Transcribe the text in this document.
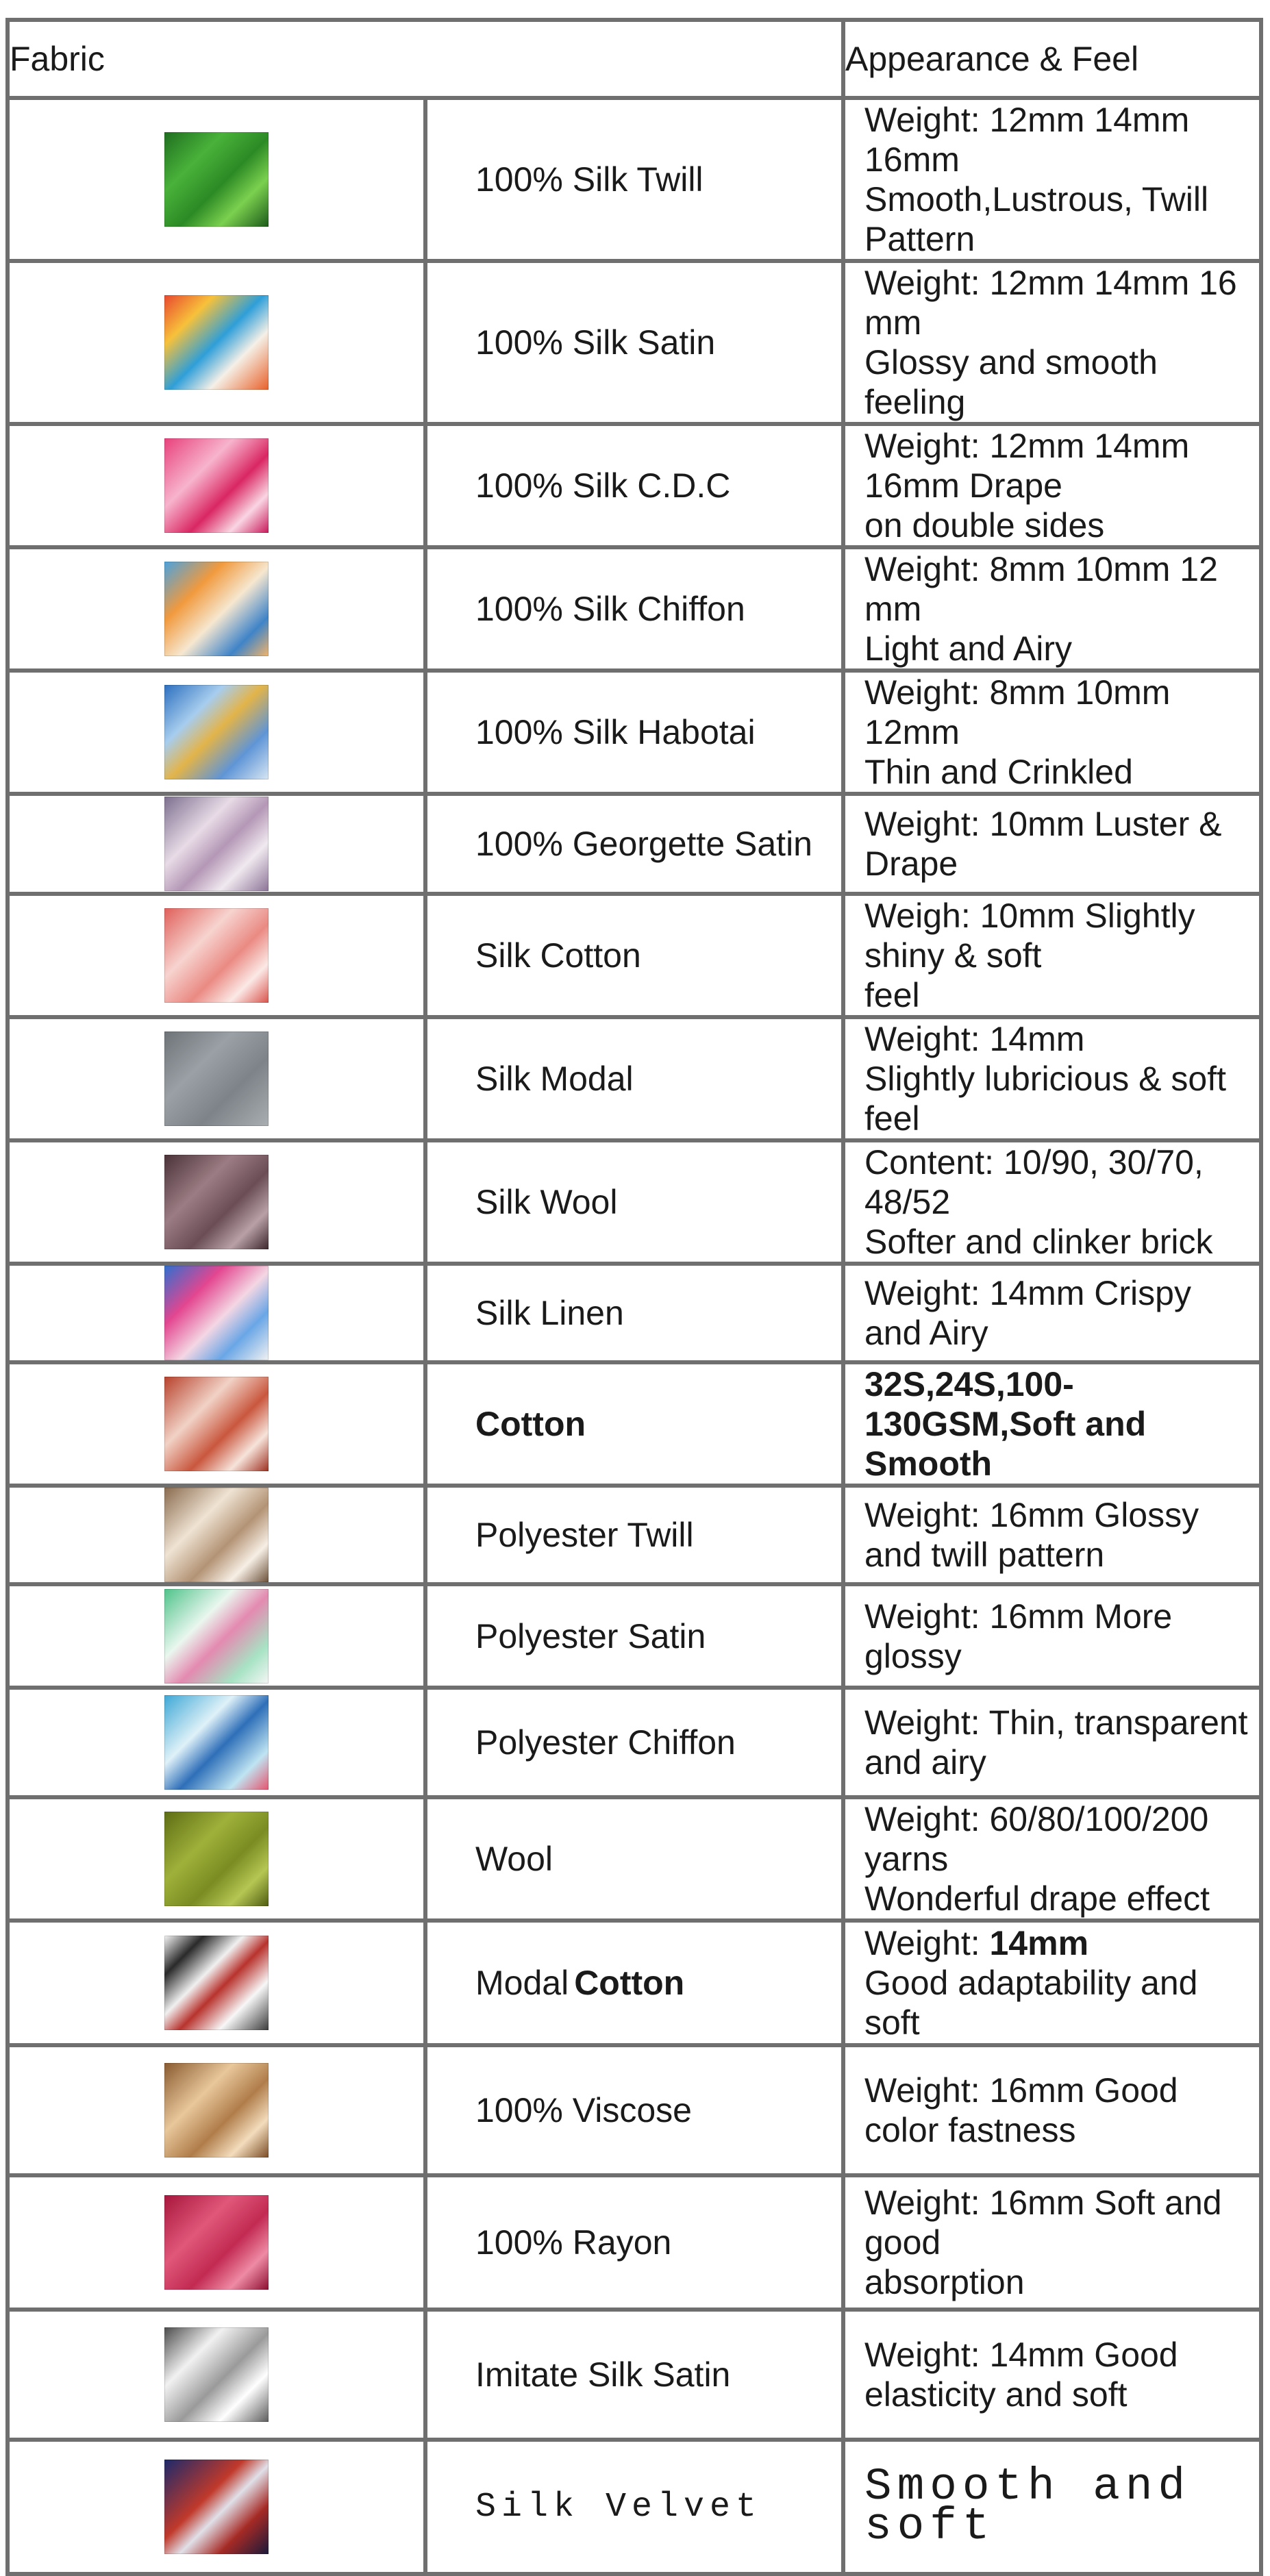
Fabric		Appearance & Feel
	100% Silk Twill	Weight: 12mm 14mm 16mm
Smooth,Lustrous, Twill Pattern

	100% Silk Satin	Weight: 12mm 14mm 16 mm
Glossy and smooth feeling

	100% Silk C.D.C	Weight: 12mm 14mm 16mm Drape
on double sides

	100% Silk Chiffon	Weight: 8mm 10mm 12 mm
Light and Airy

	100% Silk Habotai	Weight: 8mm 10mm 12mm
Thin and Crinkled

	100% Georgette Satin	Weight: 10mm Luster & Drape

	Silk Cotton	Weigh: 10mm Slightly shiny & soft
feel

	Silk Modal	Weight: 14mm
Slightly lubricious & soft feel

	Silk Wool	Content: 10/90, 30/70, 48/52
Softer and clinker brick

	Silk Linen	Weight: 14mm Crispy and Airy

	Cotton	32S,24S,100-130GSM,Soft and Smooth

	Polyester Twill	Weight: 16mm Glossy and twill pattern

	Polyester Satin	Weight: 16mm More glossy

	Polyester Chiffon	Weight: Thin, transparent and airy

	Wool	Weight: 60/80/100/200 yarns
Wonderful drape effect

	Modal Cotton	Weight: 14mm
Good adaptability and soft

	100% Viscose	Weight: 16mm Good color fastness

	100% Rayon	Weight: 16mm Soft and good
absorption

	Imitate Silk Satin	Weight: 14mm Good elasticity and soft

	Silk Velvet	Smooth and soft
